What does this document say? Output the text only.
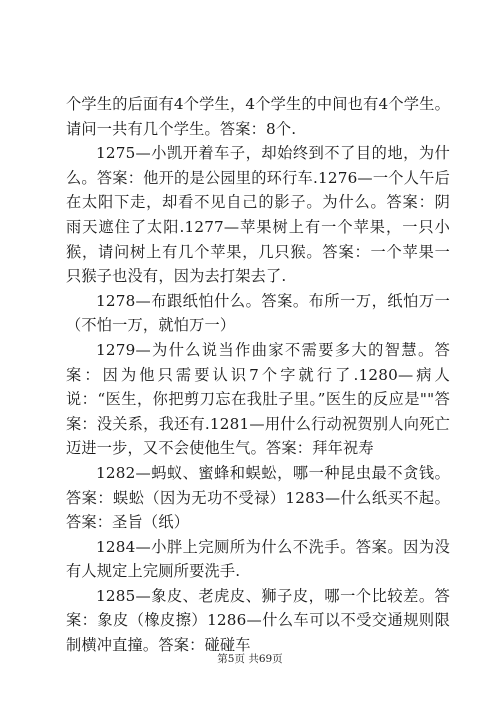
个学生的后面有4个学生，4个学生的中间也有4个学生。请问一共有几个学生。答案：8个.

1275—小凯开着车子，却始终到不了目的地，为什么。答案：他开的是公园里的环行车.1276—一个人午后在太阳下走，却看不见自己的影子。为什么。答案：阴雨天遮住了太阳.1277—苹果树上有一个苹果，一只小猴，请问树上有几个苹果，几只猴。答案：一个苹果一只猴子也没有，因为去打架去了.

1278—布跟纸怕什么。答案。布所一万，纸怕万一（不怕一万，就怕万一）

1279—为什么说当作曲家不需要多大的智慧。答案：因为他只需要认识7个字就行了.1280—病人说：“医生，你把剪刀忘在我肚子里。”医生的反应是""答案：没关系，我还有.1281—用什么行动祝贺别人向死亡迈进一步，又不会使他生气。答案：拜年祝寿

1282—蚂蚁、蜜蜂和蜈蚣，哪一种昆虫最不贪钱。答案：蜈蚣（因为无功不受禄）1283—什么纸买不起。答案：圣旨（纸）

1284—小胖上完厕所为什么不洗手。答案。因为没有人规定上完厕所要洗手.

1285—象皮、老虎皮、狮子皮，哪一个比较差。答案：象皮（橡皮擦）1286—什么车可以不受交通规则限制横冲直撞。答案：碰碰车

第5页 共69页
